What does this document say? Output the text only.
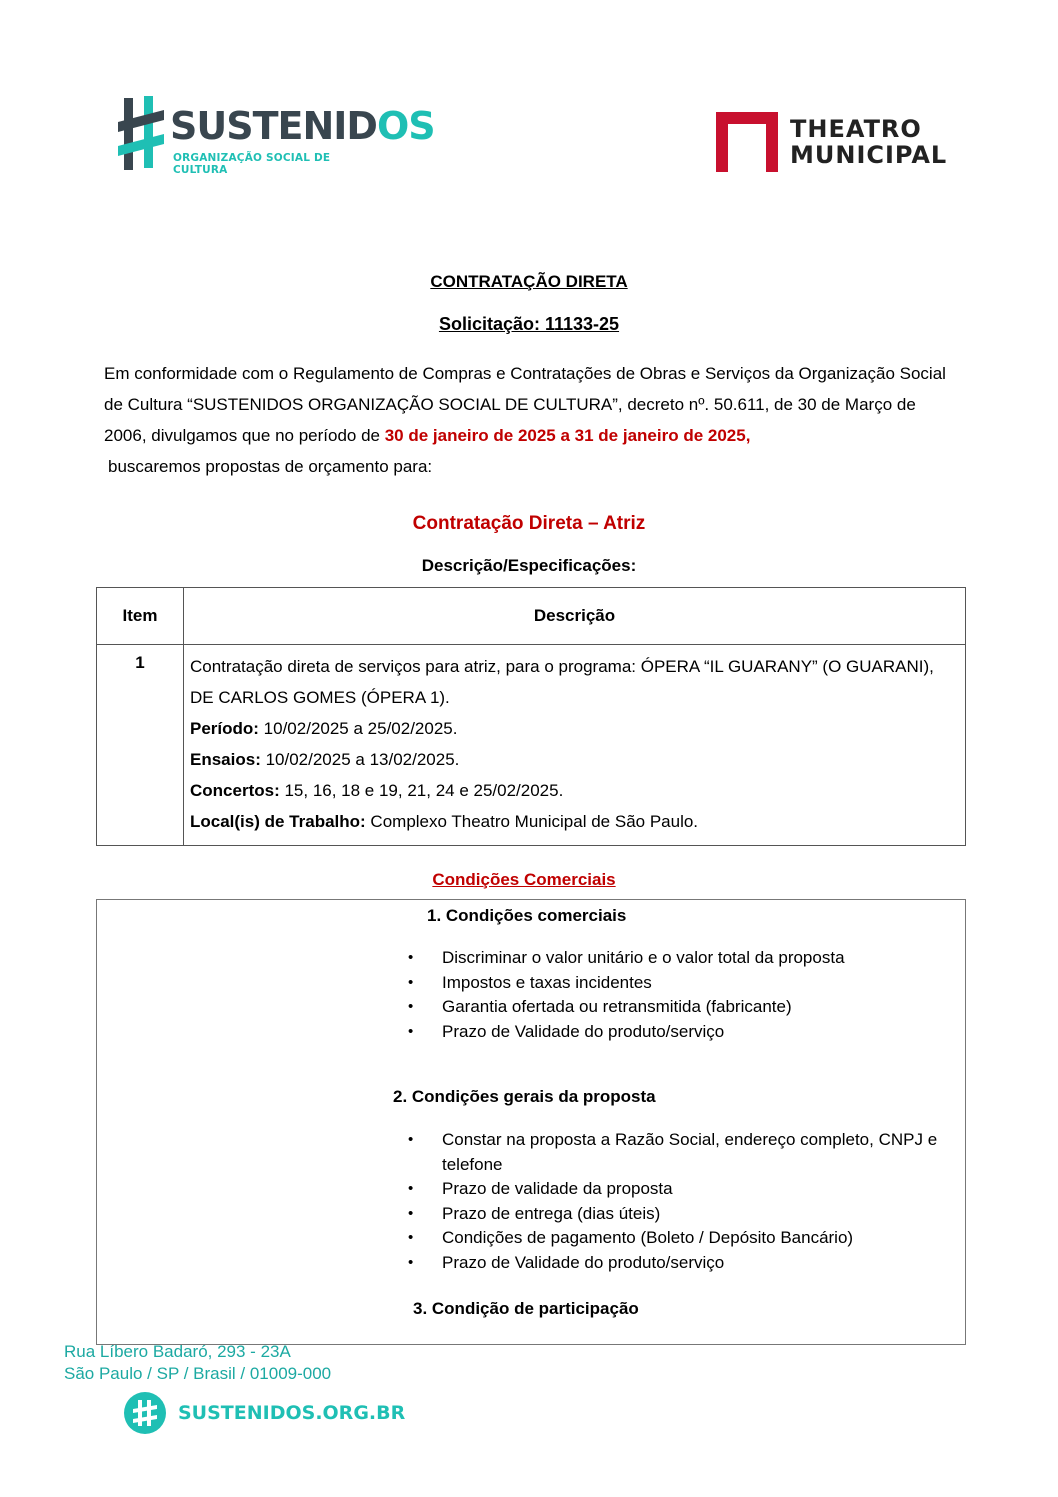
SUSTENIDOS
ORGANIZAÇÃO SOCIAL DE CULTURA
THEATRO
MUNICIPAL
CONTRATAÇÃO DIRETA
Solicitação: 11133-25
Em conformidade com o Regulamento de Compras e Contratações de Obras e Serviços da Organização Social de Cultura “SUSTENIDOS ORGANIZAÇÃO SOCIAL DE CULTURA”, decreto nº. 50.611, de 30 de Março de 2006, divulgamos que no período de 30 de janeiro de 2025 a 31 de janeiro de 2025,
buscaremos propostas de orçamento para:
Contratação Direta – Atriz
Descrição/Especificações:
Item	Descrição
1	Contratação direta de serviços para atriz, para o programa: ÓPERA “IL GUARANY” (O GUARANI), DE CARLOS GOMES (ÓPERA 1).
Período: 10/02/2025 a 25/02/2025.
Ensaios: 10/02/2025 a 13/02/2025.
Concertos: 15, 16, 18 e 19, 21, 24 e 25/02/2025.
Local(is) de Trabalho: Complexo Theatro Municipal de São Paulo.
Condições Comerciais
1. Condições comerciais
• Discriminar o valor unitário e o valor total da proposta
• Impostos e taxas incidentes
• Garantia ofertada ou retransmitida (fabricante)
• Prazo de Validade do produto/serviço
2. Condições gerais da proposta
• Constar na proposta a Razão Social, endereço completo, CNPJ e telefone
• Prazo de validade da proposta
• Prazo de entrega (dias úteis)
• Condições de pagamento (Boleto / Depósito Bancário)
• Prazo de Validade do produto/serviço
3. Condição de participação
Rua Líbero Badaró, 293 - 23A
São Paulo / SP / Brasil / 01009-000
SUSTENIDOS.ORG.BR
